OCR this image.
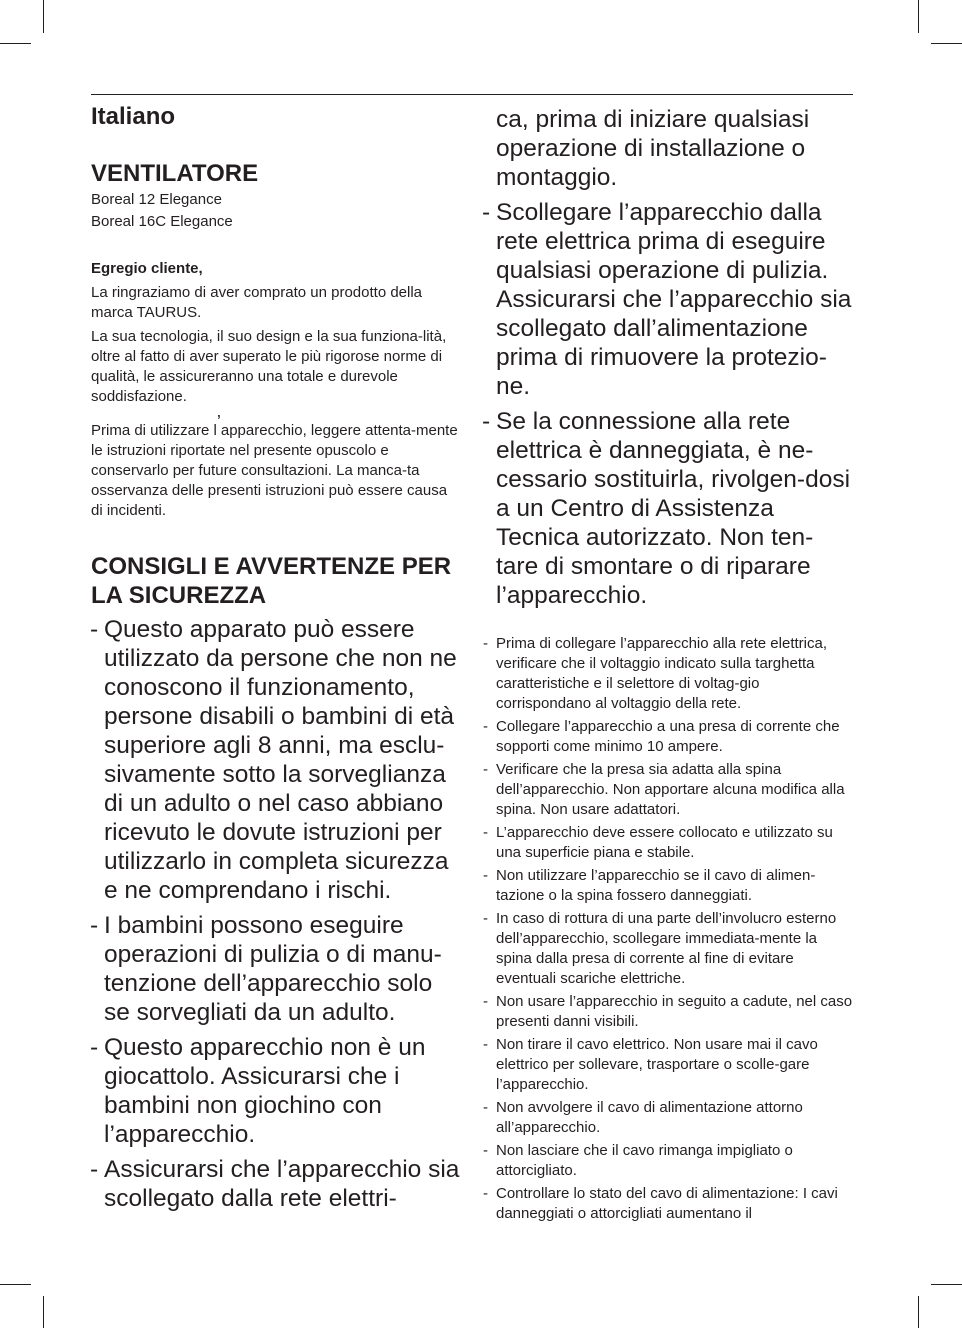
Italiano

VENTILATORE

Boreal 12 Elegance

Boreal 16C Elegance

Egregio cliente,

La ringraziamo di aver comprato un prodotto della marca TAURUS.

La sua tecnologia, il suo design e la sua funziona-lità, oltre al fatto di aver superato le più rigorose norme di qualità, le assicureranno una totale e durevole soddisfazione.

Prima di utilizzare l’apparecchio, leggere attenta-mente le istruzioni riportate nel presente opuscolo e conservarlo per future consultazioni. La manca-ta osservanza delle presenti istruzioni può essere causa di incidenti.

CONSIGLI E AVVERTENZE PER LA SICUREZZA
- Questo apparato può essere utilizzato da persone che non ne conoscono il funzionamento, persone disabili o bambini di età superiore agli 8 anni, ma esclu-sivamente sotto la sorveglianza di un adulto o nel caso abbiano ricevuto le dovute istruzioni per utilizzarlo in completa sicurezza e ne comprendano i rischi.
- I bambini possono eseguire operazioni di pulizia o di manu-tenzione dell’apparecchio solo se sorvegliati da un adulto.
- Questo apparecchio non è un giocattolo. Assicurarsi che i bambini non giochino con l’apparecchio.
- Assicurarsi che l’apparecchio sia scollegato dalla rete elettri-

ca, prima di iniziare qualsiasi operazione di installazione o montaggio.

- Scollegare l’apparecchio dalla rete elettrica prima di eseguire qualsiasi operazione di pulizia. Assicurarsi che l’apparecchio sia scollegato dall’alimentazione prima di rimuovere la protezio-ne.
- Se la connessione alla rete elettrica è danneggiata, è ne-cessario sostituirla, rivolgen-dosi a un Centro di Assistenza Tecnica autorizzato. Non ten-tare di smontare o di riparare l’apparecchio.
- Prima di collegare l’apparecchio alla rete elettrica, verificare che il voltaggio indicato sulla targhetta caratteristiche e il selettore di voltag-gio corrispondano al voltaggio della rete.
- Collegare l’apparecchio a una presa di corrente che sopporti come minimo 10 ampere.
- Verificare che la presa sia adatta alla spina dell’apparecchio. Non apportare alcuna modifica alla spina. Non usare adattatori.
- L’apparecchio deve essere collocato e utilizzato su una superficie piana e stabile.
- Non utilizzare l’apparecchio se il cavo di alimen-tazione o la spina fossero danneggiati.
- In caso di rottura di una parte dell’involucro esterno dell’apparecchio, scollegare immediata-mente la spina dalla presa di corrente al fine di evitare eventuali scariche elettriche.
- Non usare l’apparecchio in seguito a cadute, nel caso presenti danni visibili.
- Non tirare il cavo elettrico. Non usare mai il cavo elettrico per sollevare, trasportare o scolle-gare l’apparecchio.
- Non avvolgere il cavo di alimentazione attorno all’apparecchio.
- Non lasciare che il cavo rimanga impigliato o attorcigliato.
- Controllare lo stato del cavo di alimentazione: I cavi danneggiati o attorcigliati aumentano il
